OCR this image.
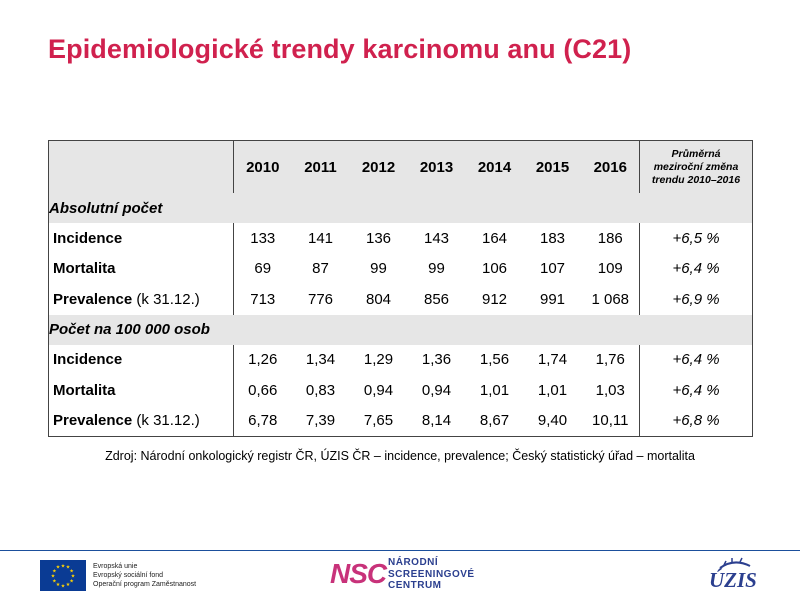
Epidemiologické trendy karcinomu anu (C21)
	2010	2011	2012	2013	2014	2015	2016	Průměrná
meziroční změna
trendu 2010–2016

Absolutní počet								
Incidence	133	141	136	143	164	183	186	+6,5 %
Mortalita	69	87	99	99	106	107	109	+6,4 %
Prevalence (k 31.12.)	713	776	804	856	912	991	1 068	+6,9 %
Počet na 100 000 osob								
Incidence	1,26	1,34	1,29	1,36	1,56	1,74	1,76	+6,4 %
Mortalita	0,66	0,83	0,94	0,94	1,01	1,01	1,03	+6,4 %
Prevalence (k 31.12.)	6,78	7,39	7,65	8,14	8,67	9,40	10,11	+6,8 %
Zdroj: Národní onkologický registr ČR, ÚZIS ČR – incidence, prevalence; Český statistický úřad – mortalita
★
★
★
★
★
★
★
★
★ ★ ★
★
Evropská unie
Evropský sociální fond
Operační program Zaměstnanost	NSC NÁRODNÍ
SCREENINGOVÉ
CENTRUM	ÚZIS
